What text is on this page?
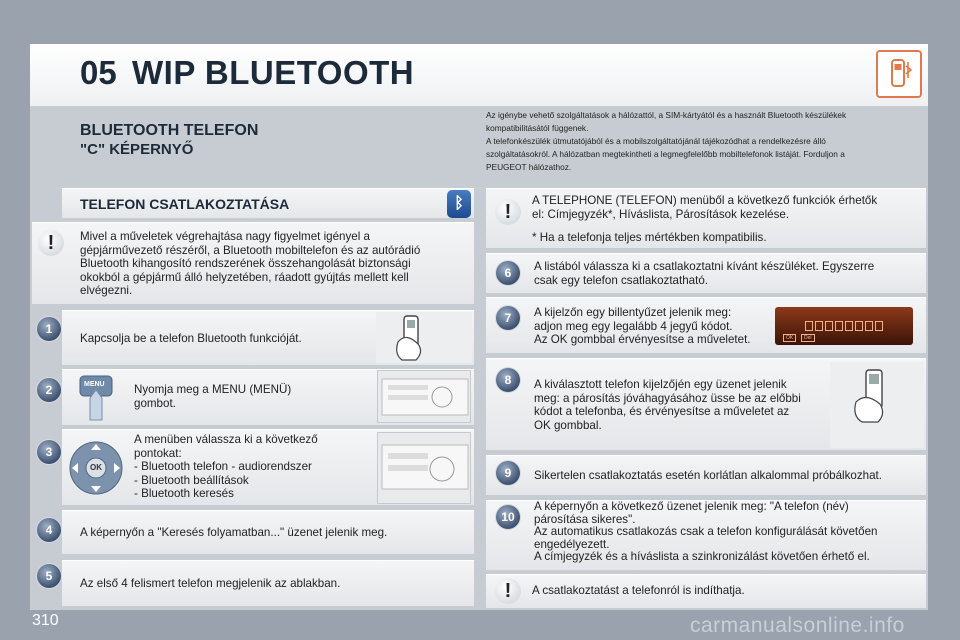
05 WIP BLUETOOTH
BLUETOOTH TELEFON
"C" KÉPERNYŐ
Az igénybe vehető szolgáltatások a hálózattól, a SIM-kártyától és a használt Bluetooth készülékek
kompatibilitásától függenek.
A telefonkészülék útmutatójából és a mobilszolgáltatójánál tájékozódhat a rendelkezésre álló
szolgáltatásokról. A hálózatban megtekintheti a legmegfelelőbb mobiltelefonok listáját. Forduljon a
PEUGEOT hálózathoz.
TELEFON CSATLAKOZTATÁSA	ᛒ
!	Mivel a műveletek végrehajtása nagy figyelmet igényel a
gépjárművezető részéről, a Bluetooth mobiltelefon és az autórádió
Bluetooth kihangosító rendszerének összehangolását biztonsági
okokból a gépjármű álló helyzetében, ráadott gyújtás mellett kell
elvégezni.
1
Kapcsolja be a telefon Bluetooth funkcióját.
2	MENU	Nyomja meg a MENU (MENÜ)
gombot.
3
OK
A menüben válassza ki a következő
pontokat:
- Bluetooth telefon - audiorendszer
- Bluetooth beállítások
- Bluetooth keresés
4	A képernyőn a "Keresés folyamatban..." üzenet jelenik meg.
5
Az első 4 felismert telefon megjelenik az ablakban.
!
A TELEPHONE (TELEFON) menüből a következő funkciók érhetők
el: Címjegyzék*, Híváslista, Párosítások kezelése.
* Ha a telefonja teljes mértékben kompatibilis.
6	A listából válassza ki a csatlakoztatni kívánt készüléket. Egyszerre
csak egy telefon csatlakoztatható.
7	A kijelzőn egy billentyűzet jelenik meg:
adjon meg egy legalább 4 jegyű kódot.
Az OK gombbal érvényesítse a műveletet.	OK	Del
8	A kiválasztott telefon kijelzőjén egy üzenet jelenik
meg: a párosítás jóváhagyásához üsse be az előbbi
kódot a telefonba, és érvényesítse a műveletet az
OK gombbal.
9	Sikertelen csatlakoztatás esetén korlátlan alkalommal próbálkozhat.
10
A képernyőn a következő üzenet jelenik meg: "A telefon (név)
párosítása sikeres".
Az automatikus csatlakozás csak a telefon konfigurálását követően
engedélyezett.
A címjegyzék és a híváslista a szinkronizálást követően érhető el.
!	A csatlakoztatást a telefonról is indíthatja.
310	carmanualsonline.info
